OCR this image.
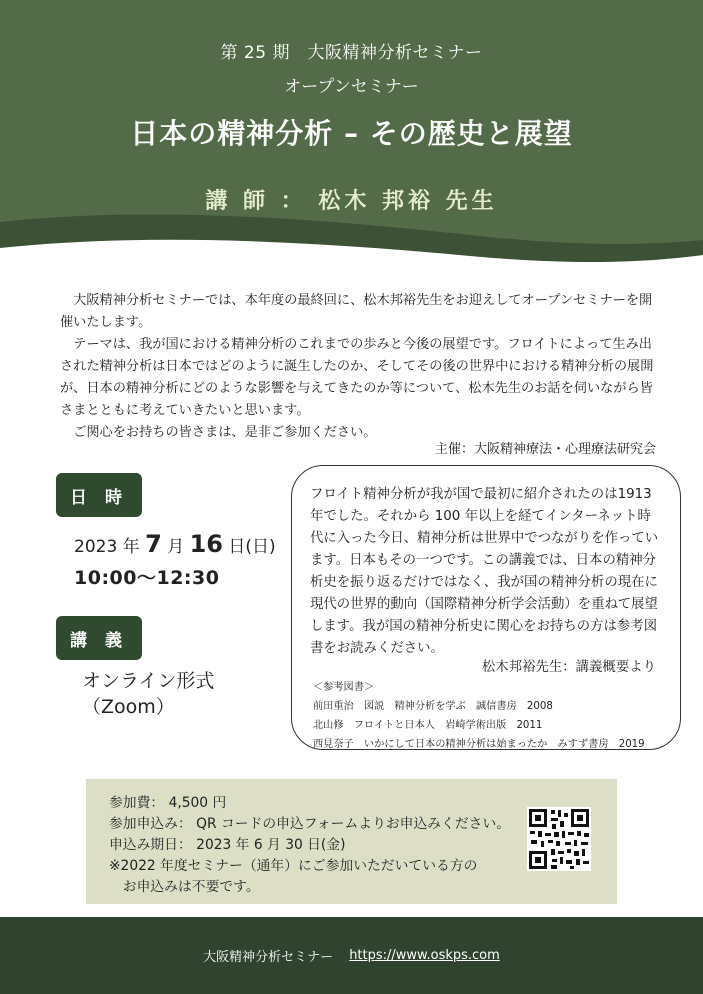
第 25 期　大阪精神分析セミナー
オープンセミナー
日本の精神分析 – その歴史と展望
講 師 ： 松木 邦裕 先生

大阪精神分析セミナーでは、本年度の最終回に、松木邦裕先生をお迎えしてオープンセミナーを開催いたします。

テーマは、我が国における精神分析のこれまでの歩みと今後の展望です。フロイトによって生み出された精神分析は日本ではどのように誕生したのか、そしてその後の世界中における精神分析の展開が、日本の精神分析にどのような影響を与えてきたのか等について、松木先生のお話を伺いながら皆さまとともに考えていきたいと思います。

ご関心をお持ちの皆さまは、是非ご参加ください。

主催：大阪精神療法・心理療法研究会
日 時
2023 年 7 月 16 日(日)
10:00〜12:30
講 義
オンライン形式
（Zoom）
フロイト精神分析が我が国で最初に紹介されたのは1913 年でした。それから 100 年以上を経てインターネット時代に入った今日、精神分析は世界中でつながりを作っています。日本もその一つです。この講義では、日本の精神分析史を振り返るだけではなく、我が国の精神分析の現在に現代の世界的動向（国際精神分析学会活動）を重ねて展望します。我が国の精神分析史に関心をお持ちの方は参考図書をお読みください。
松木邦裕先生：講義概要より
＜参考図書＞
前田重治　図説　精神分析を学ぶ　誠信書房　2008
北山修　フロイトと日本人　岩崎学術出版　2011
西見奈子　いかにして日本の精神分析は始まったか　みすず書房　2019
参加費： 4,500 円
参加申込み： QR コードの申込フォームよりお申込みください。
申込み期日： 2023 年 6 月 30 日(金)
※2022 年度セミナー（通年）にご参加いただいている方の
　お申込みは不要です。
大阪精神分析セミナー https://www.oskps.com
